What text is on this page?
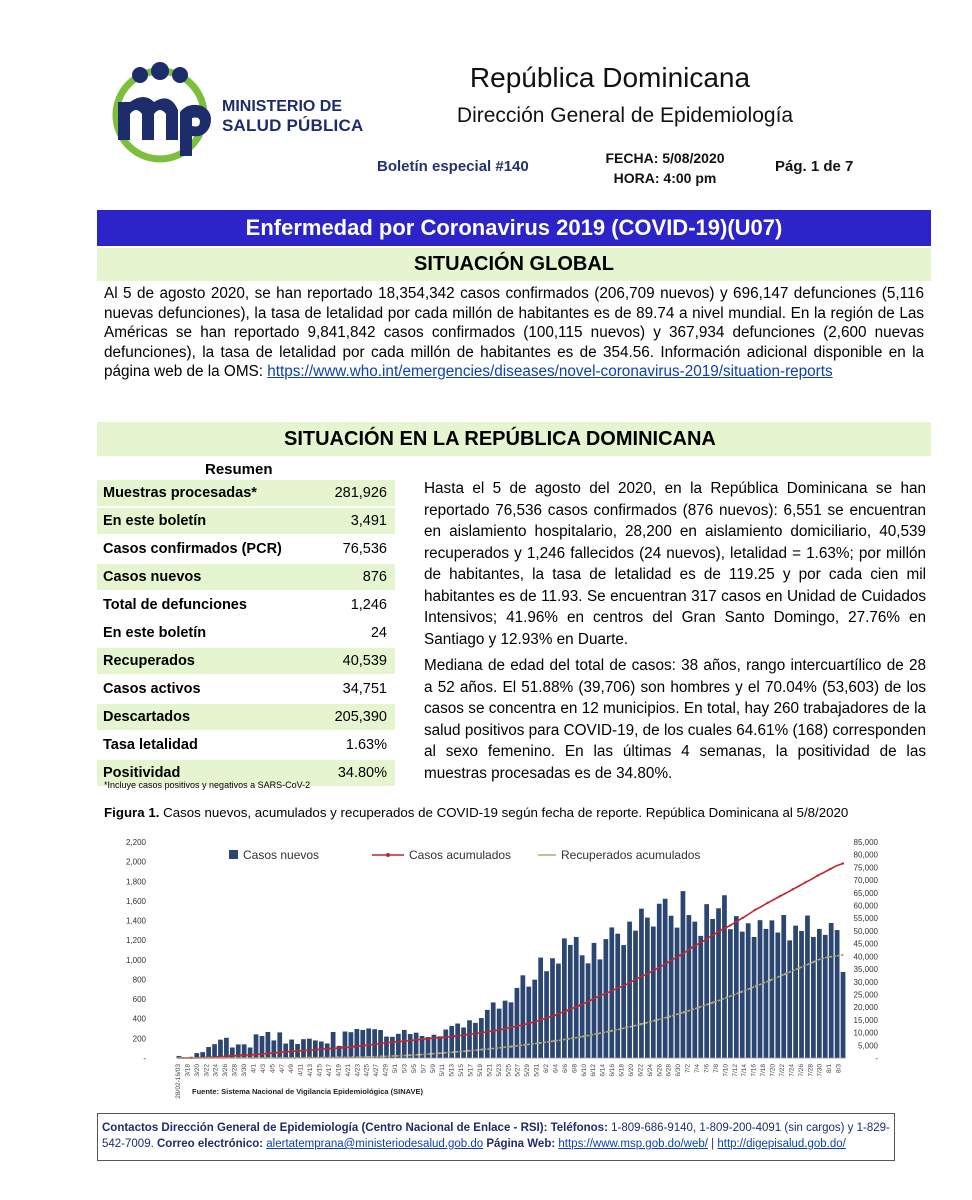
msp
MINISTERIO DE
SALUD PÚBLICA
República Dominicana
Dirección General de Epidemiología
Boletín especial #140	FECHA: 5/08/2020
HORA: 4:00 pm
Pág. 1 de 7
Enfermedad por Coronavirus 2019 (COVID-19)(U07)
SITUACIÓN GLOBAL
Al 5 de agosto 2020, se han reportado 18,354,342 casos confirmados (206,709 nuevos) y 696,147 defunciones (5,116 nuevas defunciones), la tasa de letalidad por cada millón de habitantes es de 89.74 a nivel mundial. En la región de Las Américas se han reportado 9,841,842 casos confirmados (100,115 nuevos) y 367,934 defunciones (2,600 nuevas defunciones), la tasa de letalidad por cada millón de habitantes es de 354.56. Información adicional disponible en la página web de la OMS: https://www.who.int/emergencies/diseases/novel-coronavirus-2019/situation-reports
SITUACIÓN EN LA REPÚBLICA DOMINICANA
Resumen
Muestras procesadas*	281,926
En este boletín	3,491
Casos confirmados (PCR)	76,536
Casos nuevos	876
Total de defunciones	1,246
En este boletín	24
Recuperados	40,539
Casos activos	34,751
Descartados	205,390
Tasa letalidad	1.63%
Positividad	34.80%
*Incluye casos positivos y negativos a SARS-CoV-2

Hasta el 5 de agosto del 2020, en la República Dominicana se han reportado 76,536 casos confirmados (876 nuevos): 6,551 se encuentran en aislamiento hospitalario, 28,200 en aislamiento domiciliario, 40,539 recuperados y 1,246 fallecidos (24 nuevos), letalidad = 1.63%; por millón de habitantes, la tasa de letalidad es de 119.25 y por cada cien mil habitantes es de 11.93. Se encuentran 317 casos en Unidad de Cuidados Intensivos; 41.96% en centros del Gran Santo Domingo, 27.76% en Santiago y 12.93% en Duarte.

Mediana de edad del total de casos: 38 años, rango intercuartílico de 28 a 52 años. El 51.88% (39,706) son hombres y el 70.04% (53,603) de los casos se concentra en 12 municipios. En total, hay 260 trabajadores de la salud positivos para COVID-19, de los cuales 64.61% (168) corresponden al sexo femenino. En las últimas 4 semanas, la positividad de las muestras procesadas es de 34.80%.

Figura 1. Casos nuevos, acumulados y recuperados de COVID-19 según fecha de reporte. República Dominicana al 5/8/2020
-
200
400
600
800
1,000
1,200
1,400
1,600
1,800
2,000
2,200
-
5,000
10,000
15,000
20,000
25,000
30,000
35,000
40,000
45,000
50,000
55,000
60,000
65,000
70,000
75,000
80,000
85,000
28/02-16/03 3/18 3/20 3/22 3/24 3/26 3/28 3/30 4/1 4/3 4/5 4/7 4/9 4/11 4/13 4/15 4/17 4/19 4/21 4/23 4/25 4/27 4/29 5/1 5/3 5/5 5/7 5/9 5/11 5/13 5/15 5/17 5/19 5/21 5/23 5/25 5/27 5/29 5/31 6/2 6/4 6/6 6/8 6/10 6/12 6/14 6/16 6/18 6/20 6/22 6/24 6/26 6/28 6/30 7/2 7/4 7/6 7/8 7/10 7/12 7/14 7/16 7/18 7/20 7/22 7/24 7/26 7/28 7/30 8/1 8/3
Casos nuevos	Casos acumulados	Recuperados acumulados
Fuente: Sistema Nacional de Vigilancia Epidemiológica (SINAVE)
Contactos Dirección General de Epidemiología (Centro Nacional de Enlace - RSI): Teléfonos: 1-809-686-9140, 1-809-200-4091 (sin cargos) y 1-829-542-7009. Correo electrónico: alertatemprana@ministeriodesalud.gob.do Página Web: https://www.msp.gob.do/web/ | http://digepisalud.gob.do/
